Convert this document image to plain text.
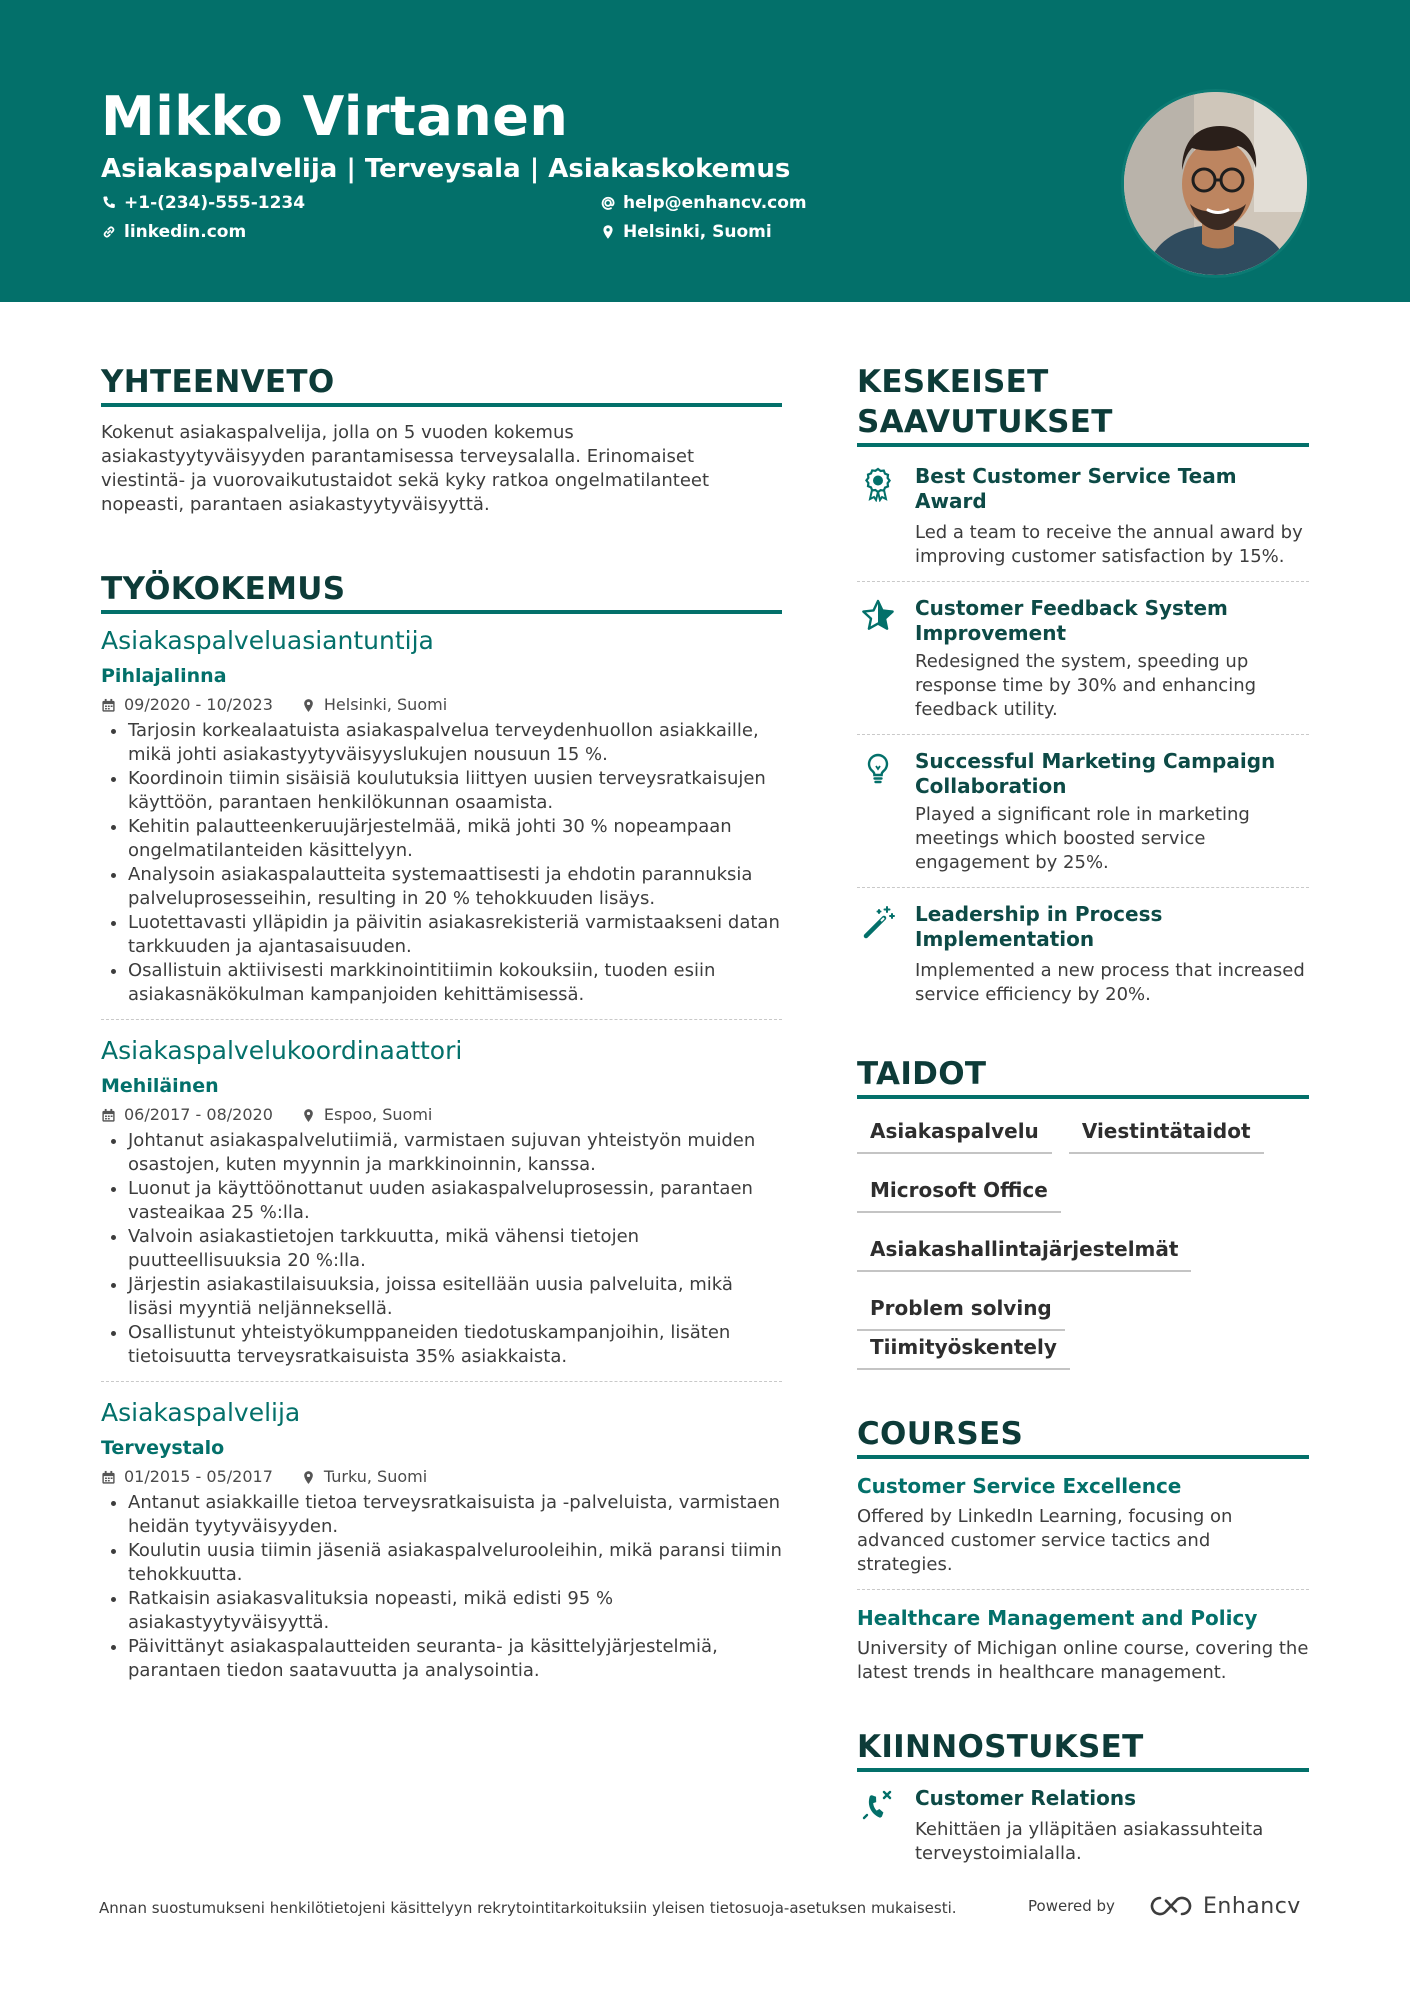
Mikko Virtanen
Asiakaspalvelija | Terveysala | Asiakaskokemus
+1-(234)-555-1234	help@enhancv.com
linkedin.com	Helsinki, Suomi
YHTEENVETO
Kokenut asiakaspalvelija, jolla on 5 vuoden kokemus asiakastyytyväisyyden parantamisessa terveysalalla. Erinomaiset viestintä- ja vuorovaikutustaidot sekä kyky ratkoa ongelmatilanteet nopeasti, parantaen asiakastyytyväisyyttä.
TYÖKOKEMUS
Asiakaspalveluasiantuntija
Pihlajalinna
09/2020 - 10/2023	Helsinki, Suomi
Tarjosin korkealaatuista asiakaspalvelua terveydenhuollon asiakkaille, mikä johti asiakastyytyväisyyslukujen nousuun 15 %.
Koordinoin tiimin sisäisiä koulutuksia liittyen uusien terveysratkaisujen käyttöön, parantaen henkilökunnan osaamista.
Kehitin palautteenkeruujärjestelmää, mikä johti 30 % nopeampaan ongelmatilanteiden käsittelyyn.
Analysoin asiakaspalautteita systemaattisesti ja ehdotin parannuksia palveluprosesseihin, resulting in 20 % tehokkuuden lisäys.
Luotettavasti ylläpidin ja päivitin asiakasrekisteriä varmistaakseni datan tarkkuuden ja ajantasaisuuden.
Osallistuin aktiivisesti markkinointitiimin kokouksiin, tuoden esiin asiakasnäkökulman kampanjoiden kehittämisessä.
Asiakaspalvelukoordinaattori
Mehiläinen
06/2017 - 08/2020	Espoo, Suomi
Johtanut asiakaspalvelutiimiä, varmistaen sujuvan yhteistyön muiden osastojen, kuten myynnin ja markkinoinnin, kanssa.
Luonut ja käyttöönottanut uuden asiakaspalveluprosessin, parantaen vasteaikaa 25 %:lla.
Valvoin asiakastietojen tarkkuutta, mikä vähensi tietojen puutteellisuuksia 20 %:lla.
Järjestin asiakastilaisuuksia, joissa esitellään uusia palveluita, mikä lisäsi myyntiä neljänneksellä.
Osallistunut yhteistyökumppaneiden tiedotuskampanjoihin, lisäten tietoisuutta terveysratkaisuista 35% asiakkaista.
Asiakaspalvelija
Terveystalo
01/2015 - 05/2017	Turku, Suomi
Antanut asiakkaille tietoa terveysratkaisuista ja -palveluista, varmistaen heidän tyytyväisyyden.
Koulutin uusia tiimin jäseniä asiakaspalvelurooleihin, mikä paransi tiimin tehokkuutta.
Ratkaisin asiakasvalituksia nopeasti, mikä edisti 95 % asiakastyytyväisyyttä.
Päivittänyt asiakaspalautteiden seuranta- ja käsittelyjärjestelmiä, parantaen tiedon saatavuutta ja analysointia.
KESKEISET SAAVUTUKSET
Best Customer Service Team Award
Led a team to receive the annual award by improving customer satisfaction by 15%.
Customer Feedback System Improvement
Redesigned the system, speeding up response time by 30% and enhancing feedback utility.
Successful Marketing Campaign Collaboration
Played a significant role in marketing meetings which boosted service engagement by 25%.
Leadership in Process Implementation
Implemented a new process that increased service efficiency by 20%.
TAIDOT
Asiakaspalvelu	Viestintätaidot
Microsoft Office
Asiakashallintajärjestelmät
Problem solving
Tiimityöskentely
COURSES
Customer Service Excellence
Offered by LinkedIn Learning, focusing on advanced customer service tactics and strategies.
Healthcare Management and Policy
University of Michigan online course, covering the latest trends in healthcare management.
KIINNOSTUKSET
Customer Relations
Kehittäen ja ylläpitäen asiakassuhteita terveystoimialalla.
Annan suostumukseni henkilötietojeni käsittelyyn rekrytointitarkoituksiin yleisen tietosuoja-asetuksen mukaisesti.	Powered by	Enhancv
